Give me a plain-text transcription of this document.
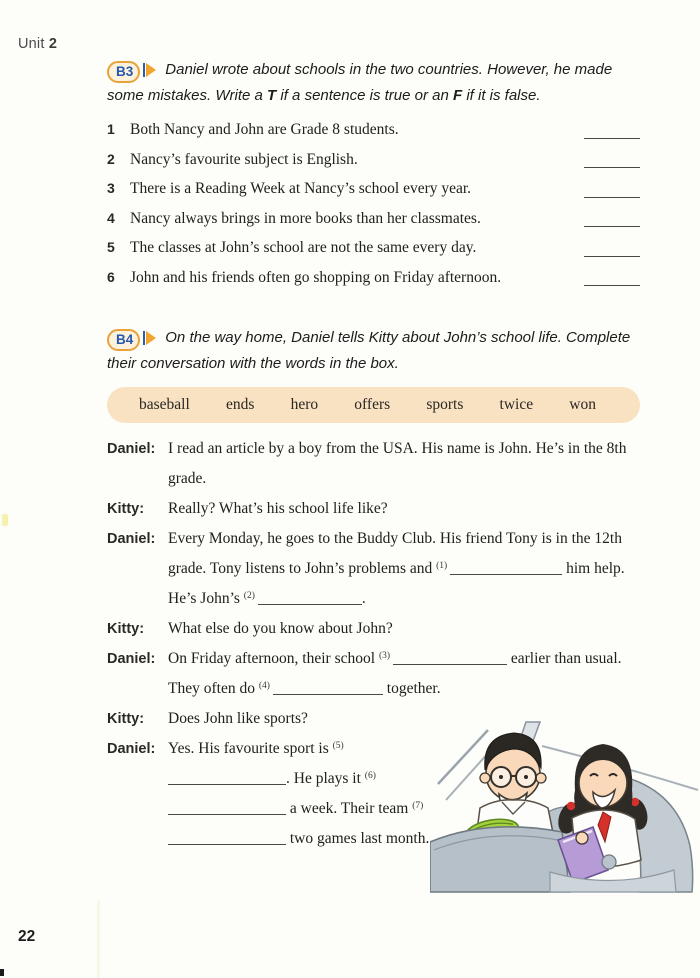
Unit 2
B3 Daniel wrote about schools in the two countries. However, he made some mistakes. Write a T if a sentence is true or an F if it is false.
1 Both Nancy and John are Grade 8 students.
2 Nancy’s favourite subject is English.
3 There is a Reading Week at Nancy’s school every year.
4 Nancy always brings in more books than her classmates.
5 The classes at John’s school are not the same every day.
6 John and his friends often go shopping on Friday afternoon.
B4 On the way home, Daniel tells Kitty about John’s school life. Complete their conversation with the words in the box.
baseball ends hero offers sports twice won
Daniel: I read an article by a boy from the USA. His name is John. He’s in the 8th grade.
Kitty:	Really? What’s his school life like?
Daniel: Every Monday, he goes to the Buddy Club. His friend Tony is in the 12th grade. Tony listens to John’s problems and $^{(1)}$	him help. He’s John’s $^{(2)}$	.
Kitty:	What else do you know about John?
Daniel: On Friday afternoon, their school $^{(3)}$	earlier than usual. They often do $^{(4)}$	together.
Kitty:	Does John like sports?
Daniel: Yes. His favourite sport is $^{(5)}$. He plays it $^{(6)}$ a week. Their team $^{(7)}$ two games last month.
22
